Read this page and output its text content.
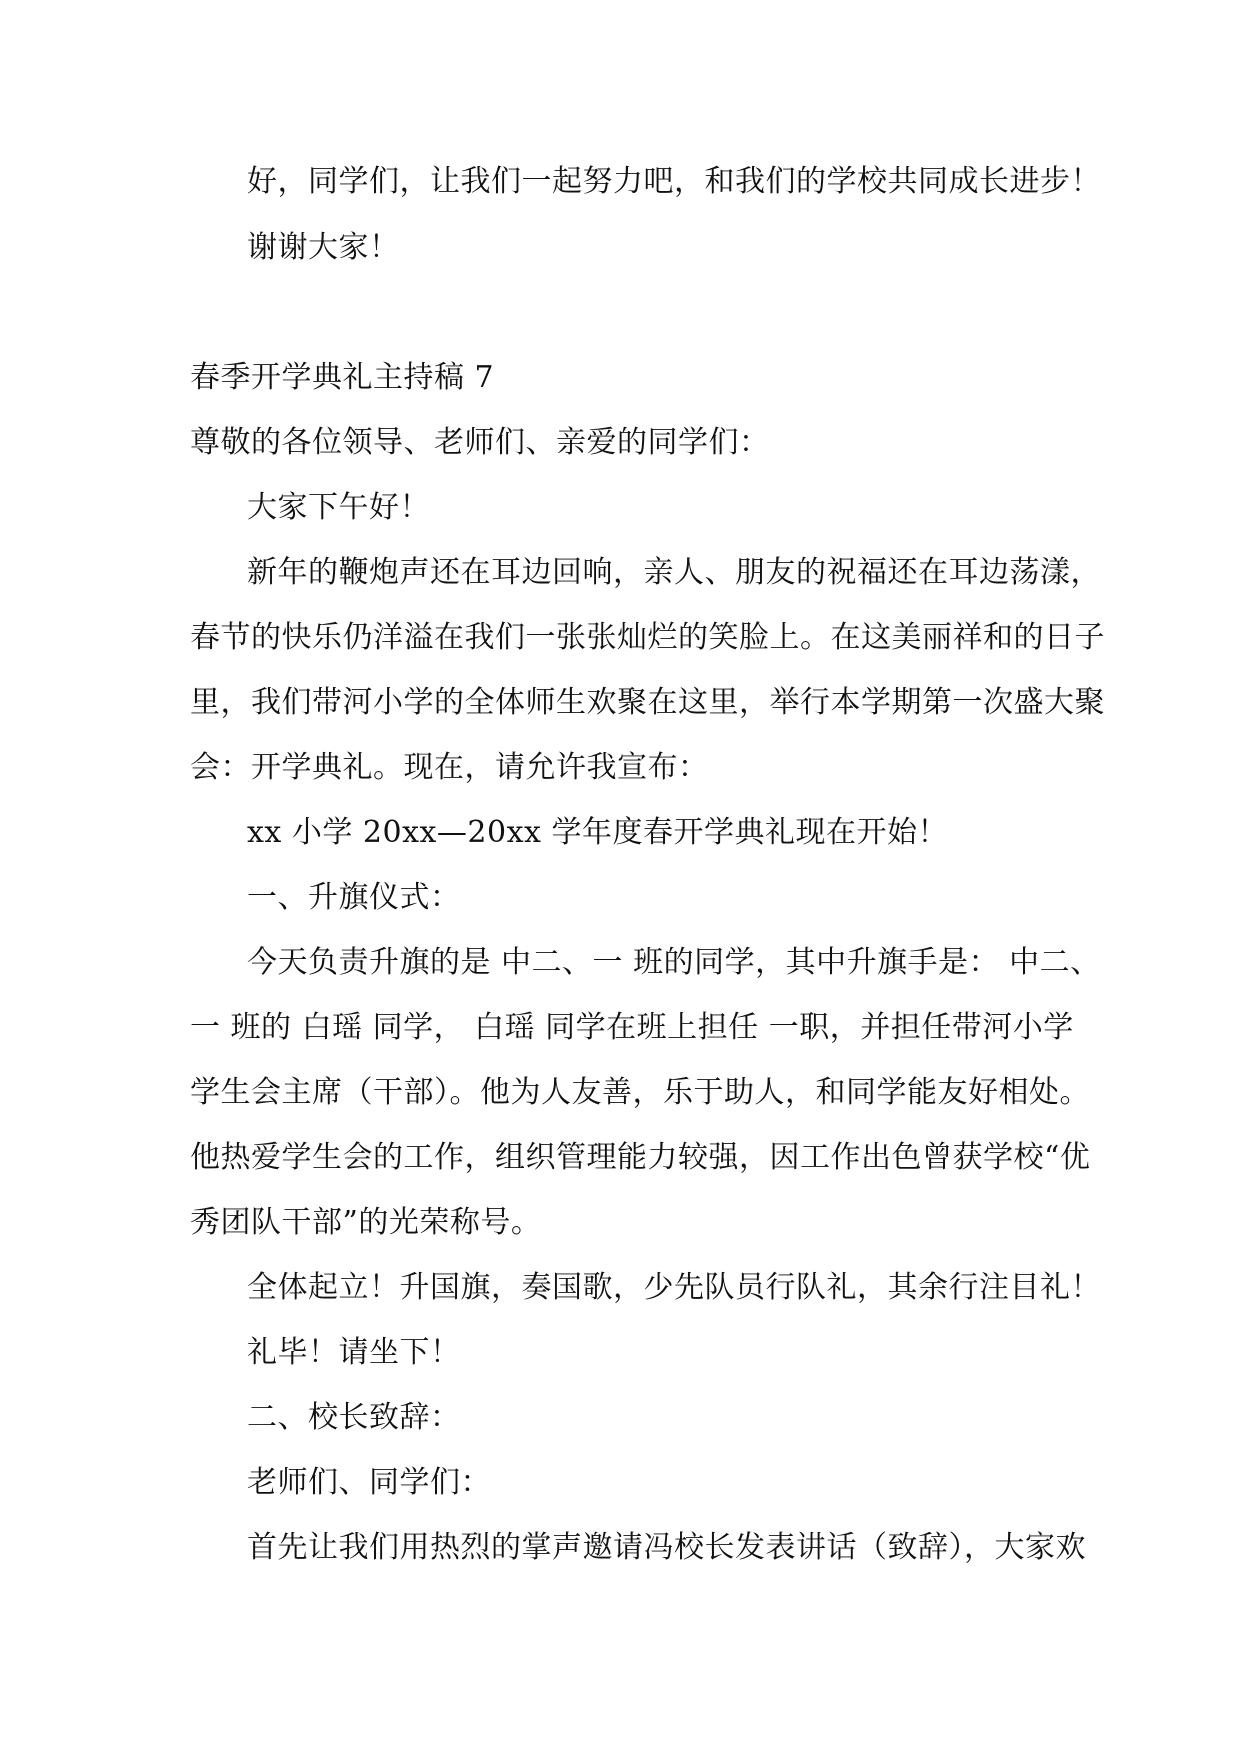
好，同学们，让我们一起努力吧，和我们的学校共同成长进步！
谢谢大家！
春季开学典礼主持稿 7
尊敬的各位领导、老师们、亲爱的同学们：
大家下午好！
新年的鞭炮声还在耳边回响，亲人、朋友的祝福还在耳边荡漾，
春节的快乐仍洋溢在我们一张张灿烂的笑脸上。在这美丽祥和的日子
里，我们带河小学的全体师生欢聚在这里，举行本学期第一次盛大聚
会：开学典礼。现在，请允许我宣布：
xx 小学 20xx—20xx 学年度春开学典礼现在开始！
一、升旗仪式：
今天负责升旗的是 中二、一 班的同学，其中升旗手是： 中二、
一 班的 白瑶 同学， 白瑶 同学在班上担任 一职，并担任带河小学
学生会主席（干部）。他为人友善，乐于助人，和同学能友好相处。
他热爱学生会的工作，组织管理能力较强，因工作出色曾获学校“优
秀团队干部”的光荣称号。
全体起立！升国旗，奏国歌，少先队员行队礼，其余行注目礼！
礼毕！请坐下！
二、校长致辞：
老师们、同学们：
首先让我们用热烈的掌声邀请冯校长发表讲话（致辞），大家欢
